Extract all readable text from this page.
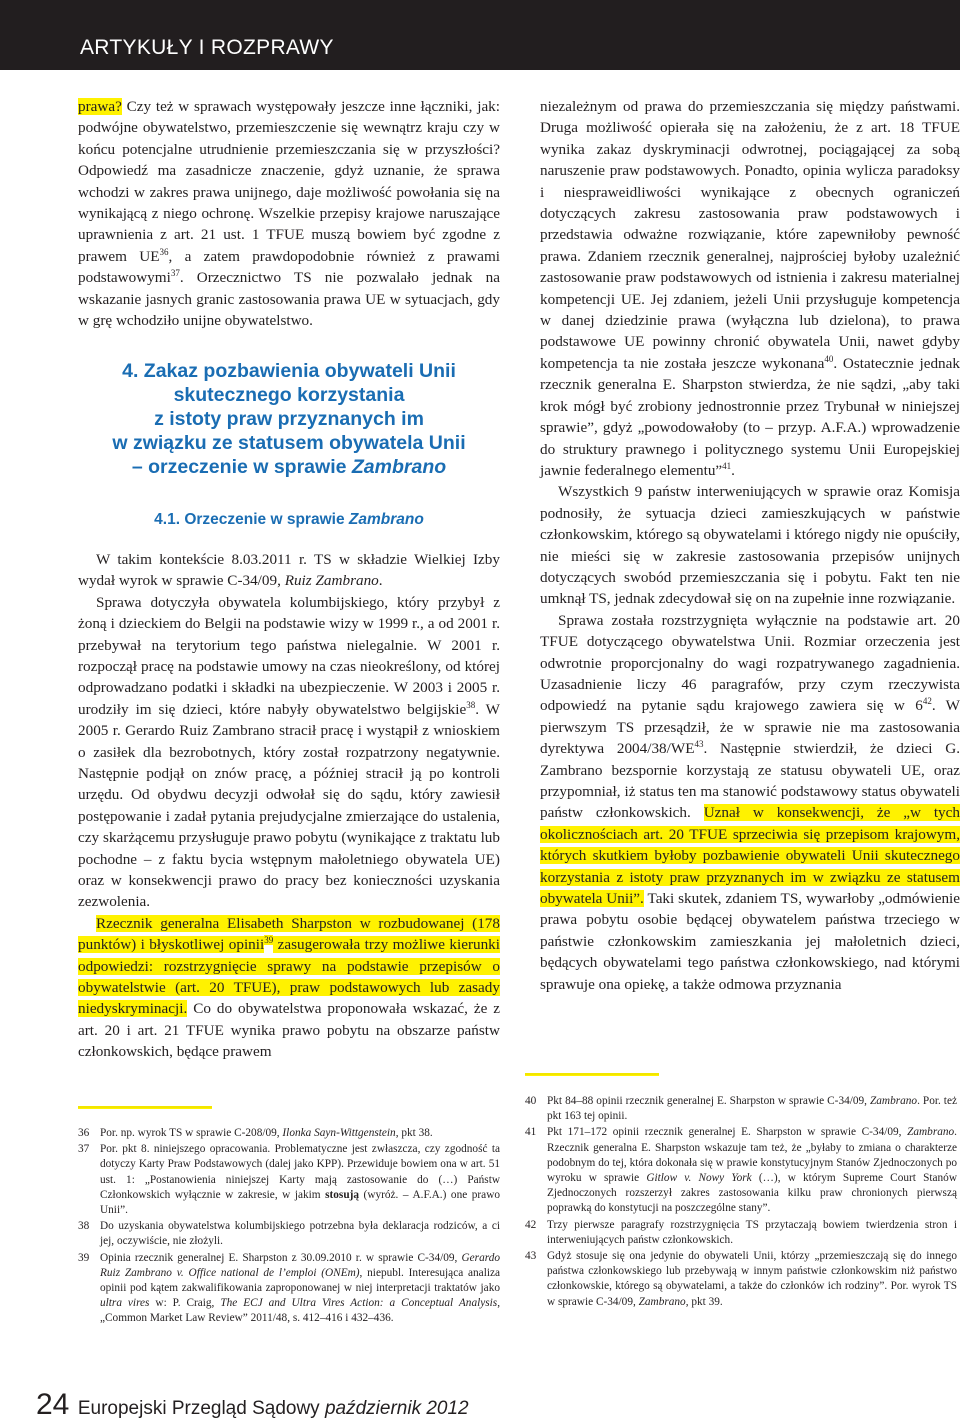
ARTYKUŁY I ROZPRAWY

prawa? Czy też w sprawach występowały jeszcze inne łączniki, jak: podwójne obywatelstwo, przemieszczenie się wewnątrz kraju czy w końcu potencjalne utrudnienie przemieszczania się w przyszłości? Odpowiedź ma zasadnicze znaczenie, gdyż uznanie, że sprawa wchodzi w zakres prawa unijnego, daje możliwość powołania się na wynikającą z niego ochronę. Wszelkie przepisy krajowe naruszające uprawnienia z art. 21 ust. 1 TFUE muszą bowiem być zgodne z prawem UE$^{36}$, a zatem prawdopodobnie również z prawami podstawowymi$^{37}$. Orzecznictwo TS nie pozwalało jednak na wskazanie jasnych granic zastosowania prawa UE w sytuacjach, gdy w grę wchodziło unijne obywatelstwo.

4. Zakaz pozbawienia obywateli Unii
skutecznego korzystania
z istoty praw przyznanych im
w związku ze statusem obywatela Unii
– orzeczenie w sprawie Zambrano
4.1. Orzeczenie w sprawie Zambrano

W takim kontekście 8.03.2011 r. TS w składzie Wielkiej Izby wydał wyrok w sprawie C-34/09, Ruiz Zambrano.

Sprawa dotyczyła obywatela kolumbijskiego, który przybył z żoną i dzieckiem do Belgii na podstawie wizy w 1999 r., a od 2001 r. przebywał na terytorium tego państwa nielegalnie. W 2001 r. rozpoczął pracę na podstawie umowy na czas nieokreślony, od której odprowadzano podatki i składki na ubezpieczenie. W 2003 i 2005 r. urodziły im się dzieci, które nabyły obywatelstwo belgijskie$^{38}$. W 2005 r. Gerardo Ruiz Zambrano stracił pracę i wystąpił z wnioskiem o zasiłek dla bezrobotnych, który został rozpatrzony negatywnie. Następnie podjął on znów pracę, a później stracił ją po kontroli urzędu. Od obydwu decyzji odwołał się do sądu, który zawiesił postępowanie i zadał pytania prejudycjalne zmierzające do ustalenia, czy skarżącemu przysługuje prawo pobytu (wynikające z traktatu lub pochodne – z faktu bycia wstępnym małoletniego obywatela UE) oraz w konsekwencji prawo do pracy bez konieczności uzyskania zezwolenia.

Rzecznik generalna Elisabeth Sharpston w rozbudowanej (178 punktów) i błyskotliwej opinii$^{39}$ zasugerowała trzy możliwe kierunki odpowiedzi: rozstrzygnięcie sprawy na podstawie przepisów o obywatelstwie (art. 20 TFUE), praw podstawowych lub zasady niedyskryminacji. Co do obywatelstwa proponowała wskazać, że z art. 20 i art. 21 TFUE wynika prawo pobytu na obszarze państw członkowskich, będące prawem

niezależnym od prawa do przemieszczania się między państwami. Druga możliwość opierała się na założeniu, że z art. 18 TFUE wynika zakaz dyskryminacji odwrotnej, pociągającej za sobą naruszenie praw podstawowych. Ponadto, opinia wylicza paradoksy i niespraweidliwości wynikające z obecnych ograniczeń dotyczących zakresu zastosowania praw podstawowych i przedstawia odważne rozwiązanie, które zapewniłoby pewność prawa. Zdaniem rzecznik generalnej, najprościej byłoby uzależnić zastosowanie praw podstawowych od istnienia i zakresu materialnej kompetencji UE. Jej zdaniem, jeżeli Unii przysługuje kompetencja w danej dziedzinie prawa (wyłączna lub dzielona), to prawa podstawowe UE powinny chronić obywatela Unii, nawet gdyby kompetencja ta nie została jeszcze wykonana$^{40}$. Ostatecznie jednak rzecznik generalna E. Sharpston stwierdza, że nie sądzi, „aby taki krok mógł być zrobiony jednostronnie przez Trybunał w niniejszej sprawie”, gdyż „powodowałoby (to – przyp. A.F.A.) wprowadzenie do struktury prawnego i politycznego systemu Unii Europejskiej jawnie federalnego elementu”$^{41}$.

Wszystkich 9 państw interweniujących w sprawie oraz Komisja podnosiły, że sytuacja dzieci zamieszkujących w państwie członkowskim, którego są obywatelami i którego nigdy nie opuściły, nie mieści się w zakresie zastosowania przepisów unijnych dotyczących swobód przemieszczania się i pobytu. Fakt ten nie umknął TS, jednak zdecydował się on na zupełnie inne rozwiązanie.

Sprawa została rozstrzygnięta wyłącznie na podstawie art. 20 TFUE dotyczącego obywatelstwa Unii. Rozmiar orzeczenia jest odwrotnie proporcjonalny do wagi rozpatrywanego zagadnienia. Uzasadnienie liczy 46 paragrafów, przy czym rzeczywista odpowiedź na pytanie sądu krajowego zawiera się w $6^{42}$. W pierwszym TS przesądził, że w sprawie nie ma zastosowania dyrektywa 2004/38/WE$^{43}$. Następnie stwierdził, że dzieci G. Zambrano bezspornie korzystają ze statusu obywateli UE, oraz przypomniał, iż status ten ma stanowić podstawowy status obywateli państw członkowskich. Uznał w konsekwencji, że „w tych okolicznościach art. 20 TFUE sprzeciwia się przepisom krajowym, których skutkiem byłoby pozbawienie obywateli Unii skutecznego korzystania z istoty praw przyznanych im w związku ze statusem obywatela Unii”. Taki skutek, zdaniem TS, wywarłoby „odmówienie prawa pobytu osobie będącej obywatelem państwa trzeciego w państwie członkowskim zamieszkania jej małoletnich dzieci, będących obywatelami tego państwa członkowskiego, nad którymi sprawuje ona opiekę, a także odmowa przyznania

36 Por. np. wyrok TS w sprawie C-208/09, Ilonka Sayn-Wittgenstein, pkt 38.
37 Por. pkt 8. niniejszego opracowania. Problematyczne jest zwłaszcza, czy zgodność ta dotyczy Karty Praw Podstawowych (dalej jako KPP). Przewiduje bowiem ona w art. 51 ust. 1: „Postanowienia niniejszej Karty mają zastosowanie do (…) Państw Członkowskich wyłącznie w zakresie, w jakim stosują (wyróż. – A.F.A.) one prawo Unii”.
38 Do uzyskania obywatelstwa kolumbijskiego potrzebna była deklaracja rodziców, a ci jej, oczywiście, nie złożyli.
39 Opinia rzecznik generalnej E. Sharpston z 30.09.2010 r. w sprawie C-34/09, Gerardo Ruiz Zambrano v. Office national de l’emploi (ONEm), niepubl. Interesująca analiza opinii pod kątem zakwalifikowania zaproponowanej w niej interpretacji traktatów jako ultra vires w: P. Craig, The ECJ and Ultra Vires Action: a Conceptual Analysis, „Common Market Law Review” 2011/48, s. 412–416 i 432–436.
40 Pkt 84–88 opinii rzecznik generalnej E. Sharpston w sprawie C-34/09, Zambrano. Por. też pkt 163 tej opinii.
41 Pkt 171–172 opinii rzecznik generalnej E. Sharpston w sprawie C-34/09, Zambrano. Rzecznik generalna E. Sharpston wskazuje tam też, że „byłaby to zmiana o charakterze podobnym do tej, która dokonała się w prawie konstytucyjnym Stanów Zjednoczonych po wyroku w sprawie Gitlow v. Nowy York (…), w którym Supreme Court Stanów Zjednoczonych rozszerzył zakres zastosowania kilku praw chronionych pierwszą poprawką do konstytucji na poszczególne stany”.
42 Trzy pierwsze paragrafy rozstrzygnięcia TS przytaczają bowiem twierdzenia stron i interweniujących państw członkowskich.
43 Gdyż stosuje się ona jedynie do obywateli Unii, którzy „przemieszczają się do innego państwa członkowskiego lub przebywają w innym państwie członkowskim niż państwo członkowskie, którego są obywatelami, a także do członków ich rodziny”. Por. wyrok TS w sprawie C-34/09, Zambrano, pkt 39.
24 Europejski Przegląd Sądowy październik 2012
